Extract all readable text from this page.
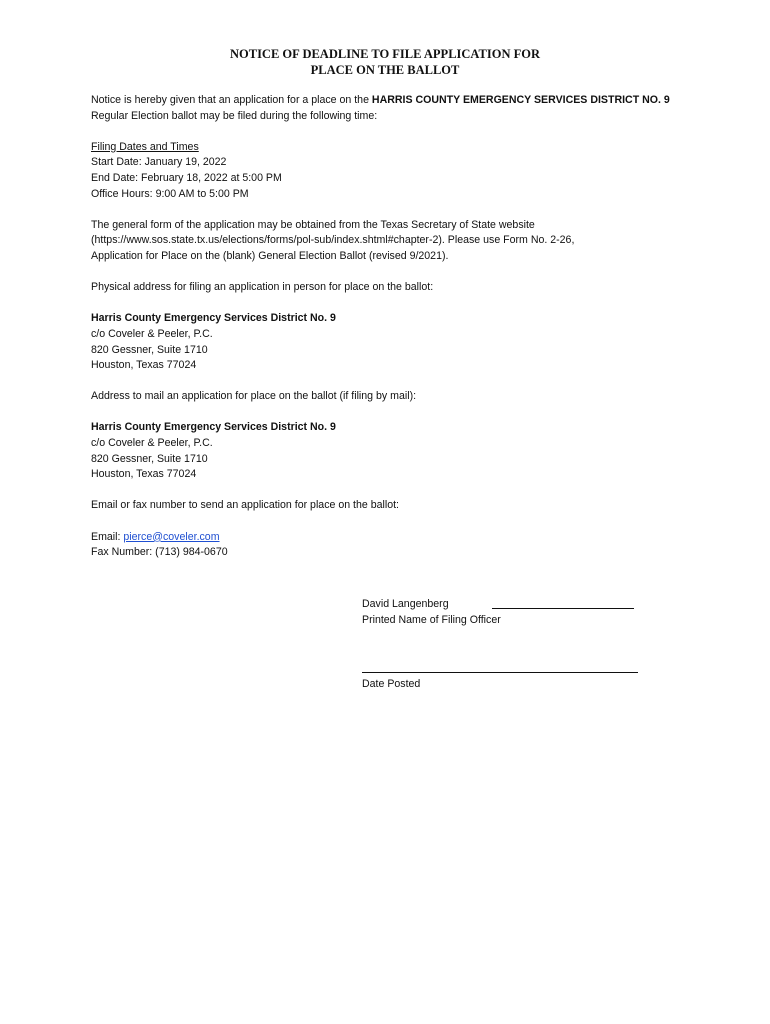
NOTICE OF DEADLINE TO FILE APPLICATION FOR
PLACE ON THE BALLOT

Notice is hereby given that an application for a place on the HARRIS COUNTY EMERGENCY SERVICES DISTRICT NO. 9 Regular Election ballot may be filed during the following time:

Filing Dates and Times
Start Date: January 19, 2022
End Date: February 18, 2022 at 5:00 PM
Office Hours: 9:00 AM to 5:00 PM

The general form of the application may be obtained from the Texas Secretary of State website
(https://www.sos.state.tx.us/elections/forms/pol-sub/index.shtml#chapter-2). Please use Form No. 2-26,
Application for Place on the (blank) General Election Ballot (revised 9/2021).

Physical address for filing an application in person for place on the ballot:

Harris County Emergency Services District No. 9
c/o Coveler & Peeler, P.C.
820 Gessner, Suite 1710
Houston, Texas 77024

Address to mail an application for place on the ballot (if filing by mail):

Harris County Emergency Services District No. 9
c/o Coveler & Peeler, P.C.
820 Gessner, Suite 1710
Houston, Texas 77024

Email or fax number to send an application for place on the ballot:

Email: pierce@coveler.com
Fax Number: (713) 984-0670

David Langenberg
Printed Name of Filing Officer
Date Posted
